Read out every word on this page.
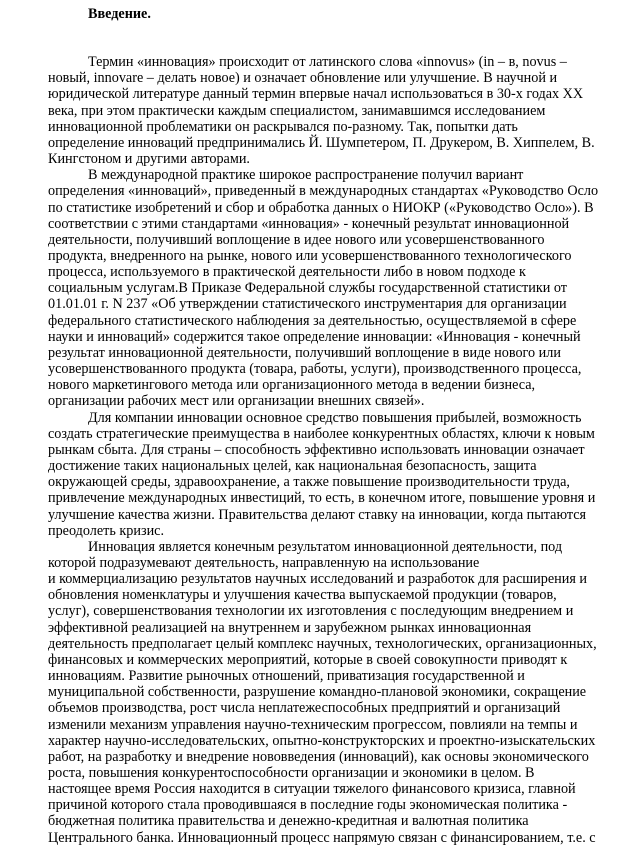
Введение.

Термин «инновация» происходит от латинского слова «innovus» (in – в, novus –
новый, innovare – делать новое) и означает обновление или улучшение. В научной и
юридической литературе данный термин впервые начал использоваться в 30-х годах XX
века, при этом практически каждым специалистом, занимавшимся исследованием
инновационной проблематики он раскрывался по-разному. Так, попытки дать
определение инноваций предпринимались Й. Шумпетером, П. Друкером, В. Хиппелем, В.
Кингстоном и другими авторами.

В международной практике широкое распространение получил вариант
определения «инноваций», приведенный в международных стандартах «Руководство Осло
по статистике изобретений и сбор и обработка данных о НИОКР («Руководство Осло»). В
соответствии с этими стандартами «инновация» - конечный результат инновационной
деятельности, получивший воплощение в идее нового или усовершенствованного
продукта, внедренного на рынке, нового или усовершенствованного технологического
процесса, используемого в практической деятельности либо в новом подходе к
социальным услугам.В Приказе Федеральной службы государственной статистики от
01.01.01 г. N 237 «Об утверждении статистического инструментария для организации
федерального статистического наблюдения за деятельностью, осуществляемой в сфере
науки и инноваций» содержится такое определение инновации: «Инновация - конечный
результат инновационной деятельности, получивший воплощение в виде нового или
усовершенствованного продукта (товара, работы, услуги), производственного процесса,
нового маркетингового метода или организационного метода в ведении бизнеса,
организации рабочих мест или организации внешних связей».

Для компании инновации основное средство повышения прибылей, возможность
создать стратегические преимущества в наиболее конкурентных областях, ключи к новым
рынкам сбыта. Для страны – способность эффективно использовать инновации означает
достижение таких национальных целей, как национальная безопасность, защита
окружающей среды, здравоохранение, а также повышение производительности труда,
привлечение международных инвестиций, то есть, в конечном итоге, повышение уровня и
улучшение качества жизни. Правительства делают ставку на инновации, когда пытаются
преодолеть кризис.

Инновация является конечным результатом инновационной деятельности, под
которой подразумевают деятельность, направленную на использование
и коммерциализацию результатов научных исследований и разработок для расширения и
обновления номенклатуры и улучшения качества выпускаемой продукции (товаров,
услуг), совершенствования технологии их изготовления с последующим внедрением и
эффективной реализацией на внутреннем и зарубежном рынках инновационная
деятельность предполагает целый комплекс научных, технологических, организационных,
финансовых и коммерческих мероприятий, которые в своей совокупности приводят к
инновациям. Развитие рыночных отношений, приватизация государственной и
муниципальной собственности, разрушение командно-плановой экономики, сокращение
объемов производства, рост числа неплатежеспособных предприятий и организаций
изменили механизм управления научно-техническим прогрессом, повлияли на темпы и
характер научно-исследовательских, опытно-конструкторских и проектно-изыскательских
работ, на разработку и внедрение нововведения (инноваций), как основы экономического
роста, повышения конкурентоспособности организации и экономики в целом. В
настоящее время Россия находится в ситуации тяжелого финансового кризиса, главной
причиной которого стала проводившаяся в последние годы экономическая политика -
бюджетная политика правительства и денежно-кредитная и валютная политика
Центрального банка. Инновационный процесс напрямую связан с финансированием, т.е. с
